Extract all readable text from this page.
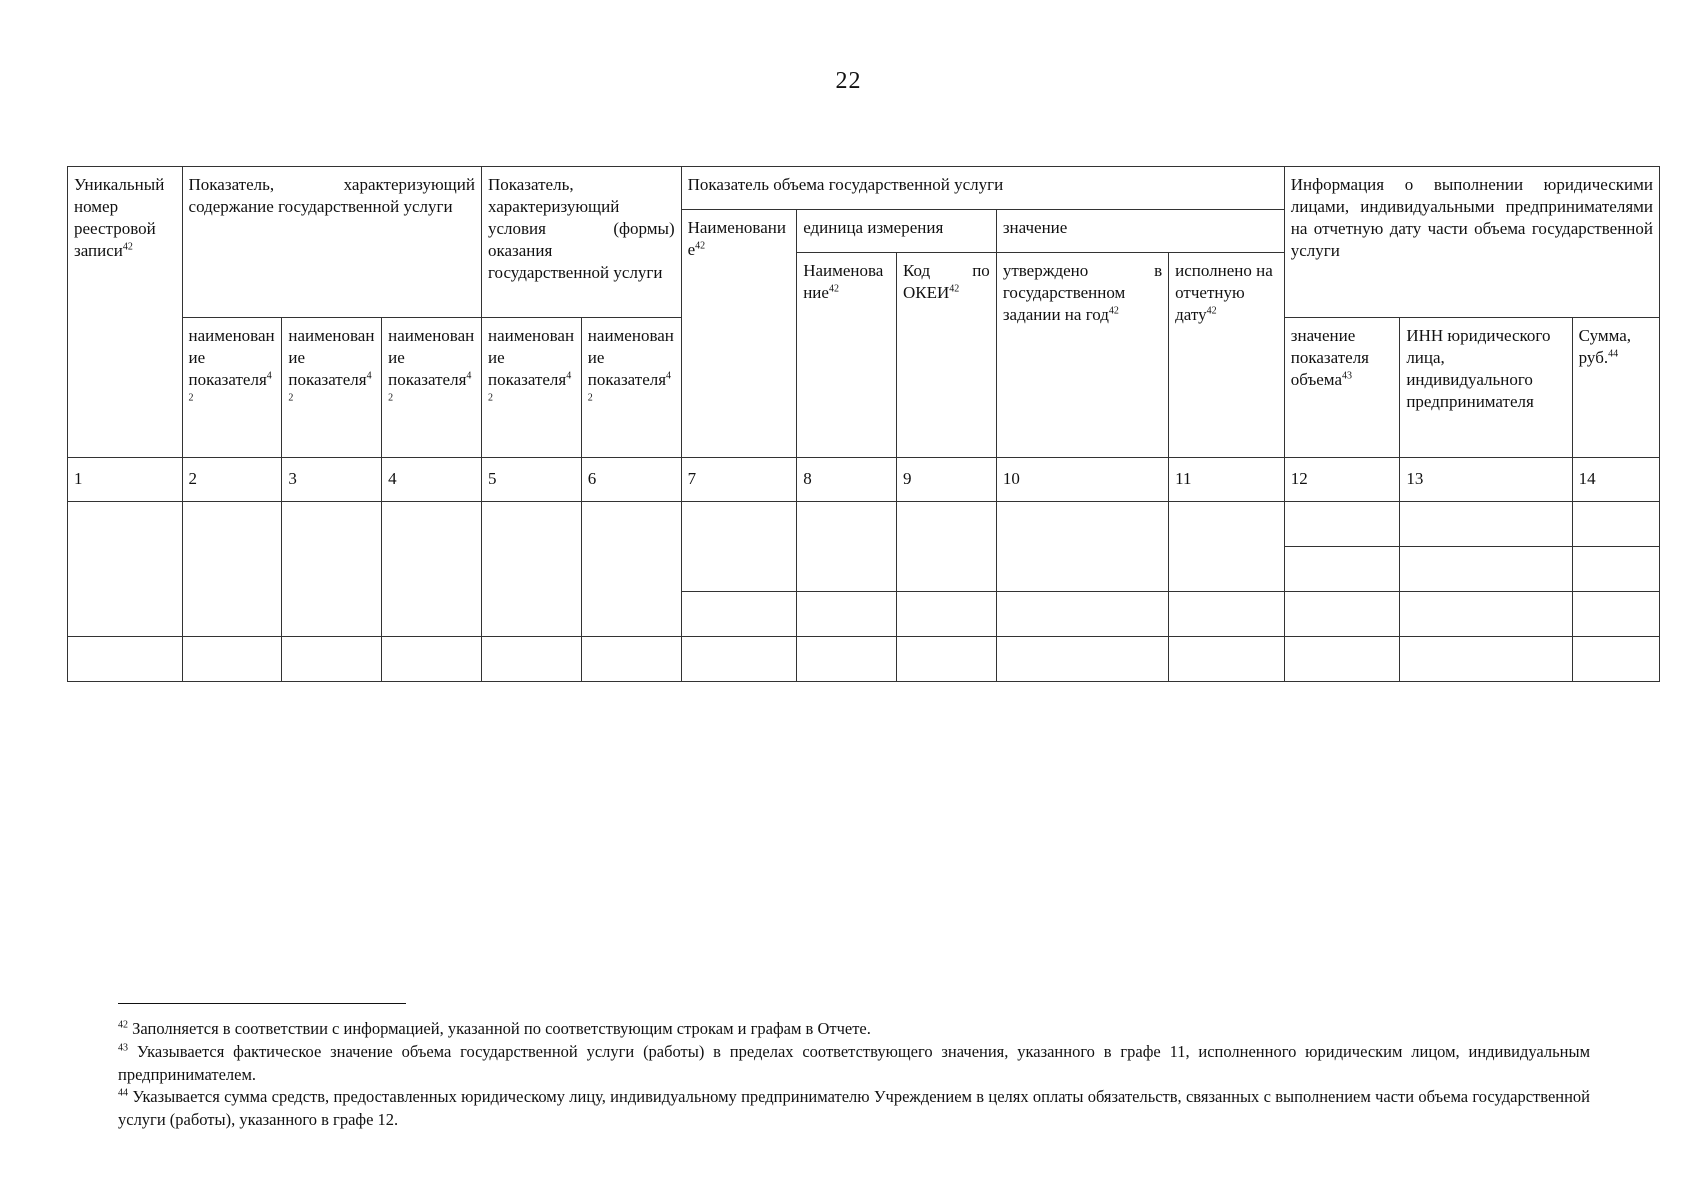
22
Уникальный номер реестровой записи$^{42}$	Показатель, характеризующий содержание государственной услуги			Показатель, характеризующий условия (формы) оказания государственной услуги		Показатель объема государственной услуги					Информация о выполнении юридическими лицами, индивидуальными предпринимателями на отчетную дату части объема государственной услуги		
						Наименование$^{42}$	единица измерения		значение				
							Наименование$^{42}$	Код по ОКЕИ$^{42}$	утверждено в государственном задании на год$^{42}$	исполнено на отчетную дату$^{42}$
	наименование показателя$^{42}$	наименование показателя$^{42}$	наименование показателя$^{42}$	наименование показателя$^{42}$	наименование показателя$^{42}$						значение показателя объема$^{43}$	ИНН юридического лица, индивидуального предпринимателя	Сумма, руб.$^{44}$
1	2	3	4	5	6	7	8	9	10	11	12	13	14

$^{42}$ Заполняется в соответствии с информацией, указанной по соответствующим строкам и графам в Отчете.

$^{43}$ Указывается фактическое значение объема государственной услуги (работы) в пределах соответствующего значения, указанного в графе 11, исполненного юридическим лицом, индивидуальным предпринимателем.

$^{44}$ Указывается сумма средств, предоставленных юридическому лицу, индивидуальному предпринимателю Учреждением в целях оплаты обязательств, связанных с выполнением части объема государственной услуги (работы), указанного в графе 12.
